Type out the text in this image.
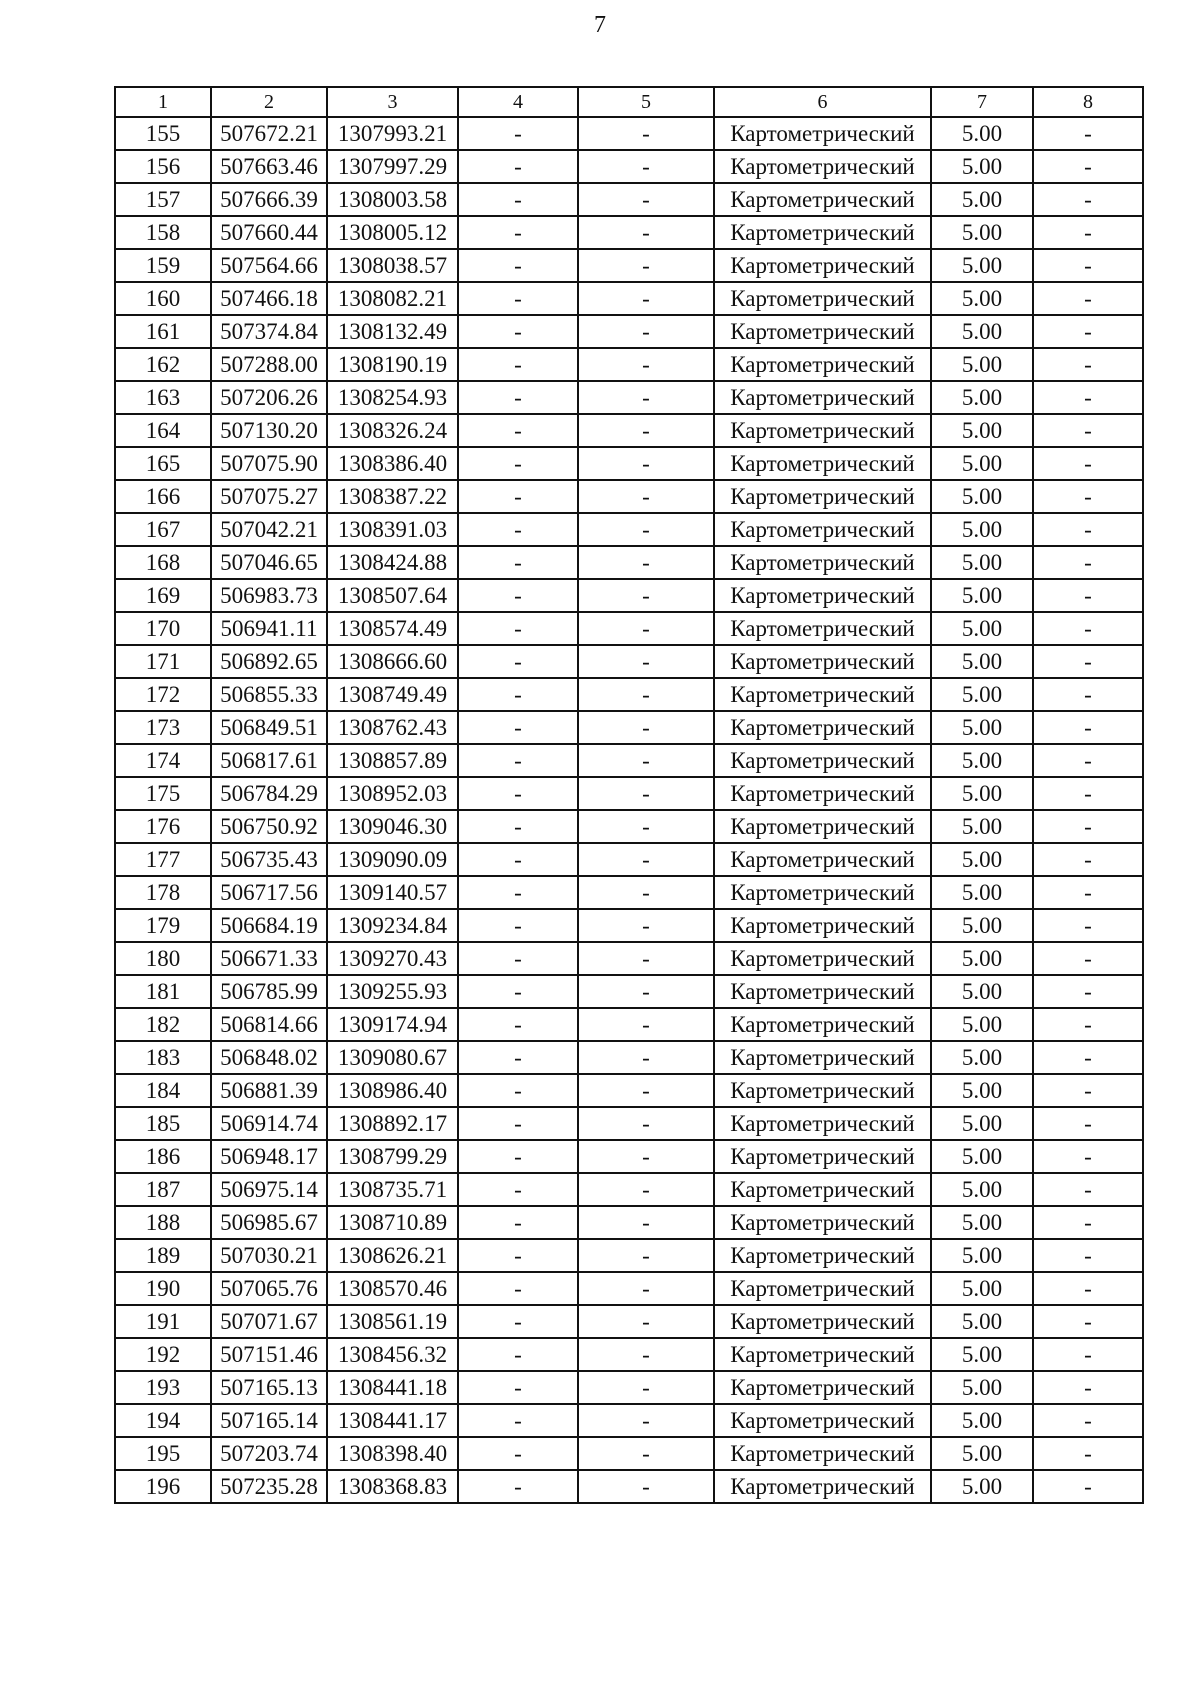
7
1	2	3	4	5	6	7	8
155	507672.21	1307993.21	-	-	Картометрический	5.00	-
156	507663.46	1307997.29	-	-	Картометрический	5.00	-
157	507666.39	1308003.58	-	-	Картометрический	5.00	-
158	507660.44	1308005.12	-	-	Картометрический	5.00	-
159	507564.66	1308038.57	-	-	Картометрический	5.00	-
160	507466.18	1308082.21	-	-	Картометрический	5.00	-
161	507374.84	1308132.49	-	-	Картометрический	5.00	-
162	507288.00	1308190.19	-	-	Картометрический	5.00	-
163	507206.26	1308254.93	-	-	Картометрический	5.00	-
164	507130.20	1308326.24	-	-	Картометрический	5.00	-
165	507075.90	1308386.40	-	-	Картометрический	5.00	-
166	507075.27	1308387.22	-	-	Картометрический	5.00	-
167	507042.21	1308391.03	-	-	Картометрический	5.00	-
168	507046.65	1308424.88	-	-	Картометрический	5.00	-
169	506983.73	1308507.64	-	-	Картометрический	5.00	-
170	506941.11	1308574.49	-	-	Картометрический	5.00	-
171	506892.65	1308666.60	-	-	Картометрический	5.00	-
172	506855.33	1308749.49	-	-	Картометрический	5.00	-
173	506849.51	1308762.43	-	-	Картометрический	5.00	-
174	506817.61	1308857.89	-	-	Картометрический	5.00	-
175	506784.29	1308952.03	-	-	Картометрический	5.00	-
176	506750.92	1309046.30	-	-	Картометрический	5.00	-
177	506735.43	1309090.09	-	-	Картометрический	5.00	-
178	506717.56	1309140.57	-	-	Картометрический	5.00	-
179	506684.19	1309234.84	-	-	Картометрический	5.00	-
180	506671.33	1309270.43	-	-	Картометрический	5.00	-
181	506785.99	1309255.93	-	-	Картометрический	5.00	-
182	506814.66	1309174.94	-	-	Картометрический	5.00	-
183	506848.02	1309080.67	-	-	Картометрический	5.00	-
184	506881.39	1308986.40	-	-	Картометрический	5.00	-
185	506914.74	1308892.17	-	-	Картометрический	5.00	-
186	506948.17	1308799.29	-	-	Картометрический	5.00	-
187	506975.14	1308735.71	-	-	Картометрический	5.00	-
188	506985.67	1308710.89	-	-	Картометрический	5.00	-
189	507030.21	1308626.21	-	-	Картометрический	5.00	-
190	507065.76	1308570.46	-	-	Картометрический	5.00	-
191	507071.67	1308561.19	-	-	Картометрический	5.00	-
192	507151.46	1308456.32	-	-	Картометрический	5.00	-
193	507165.13	1308441.18	-	-	Картометрический	5.00	-
194	507165.14	1308441.17	-	-	Картометрический	5.00	-
195	507203.74	1308398.40	-	-	Картометрический	5.00	-
196	507235.28	1308368.83	-	-	Картометрический	5.00	-
